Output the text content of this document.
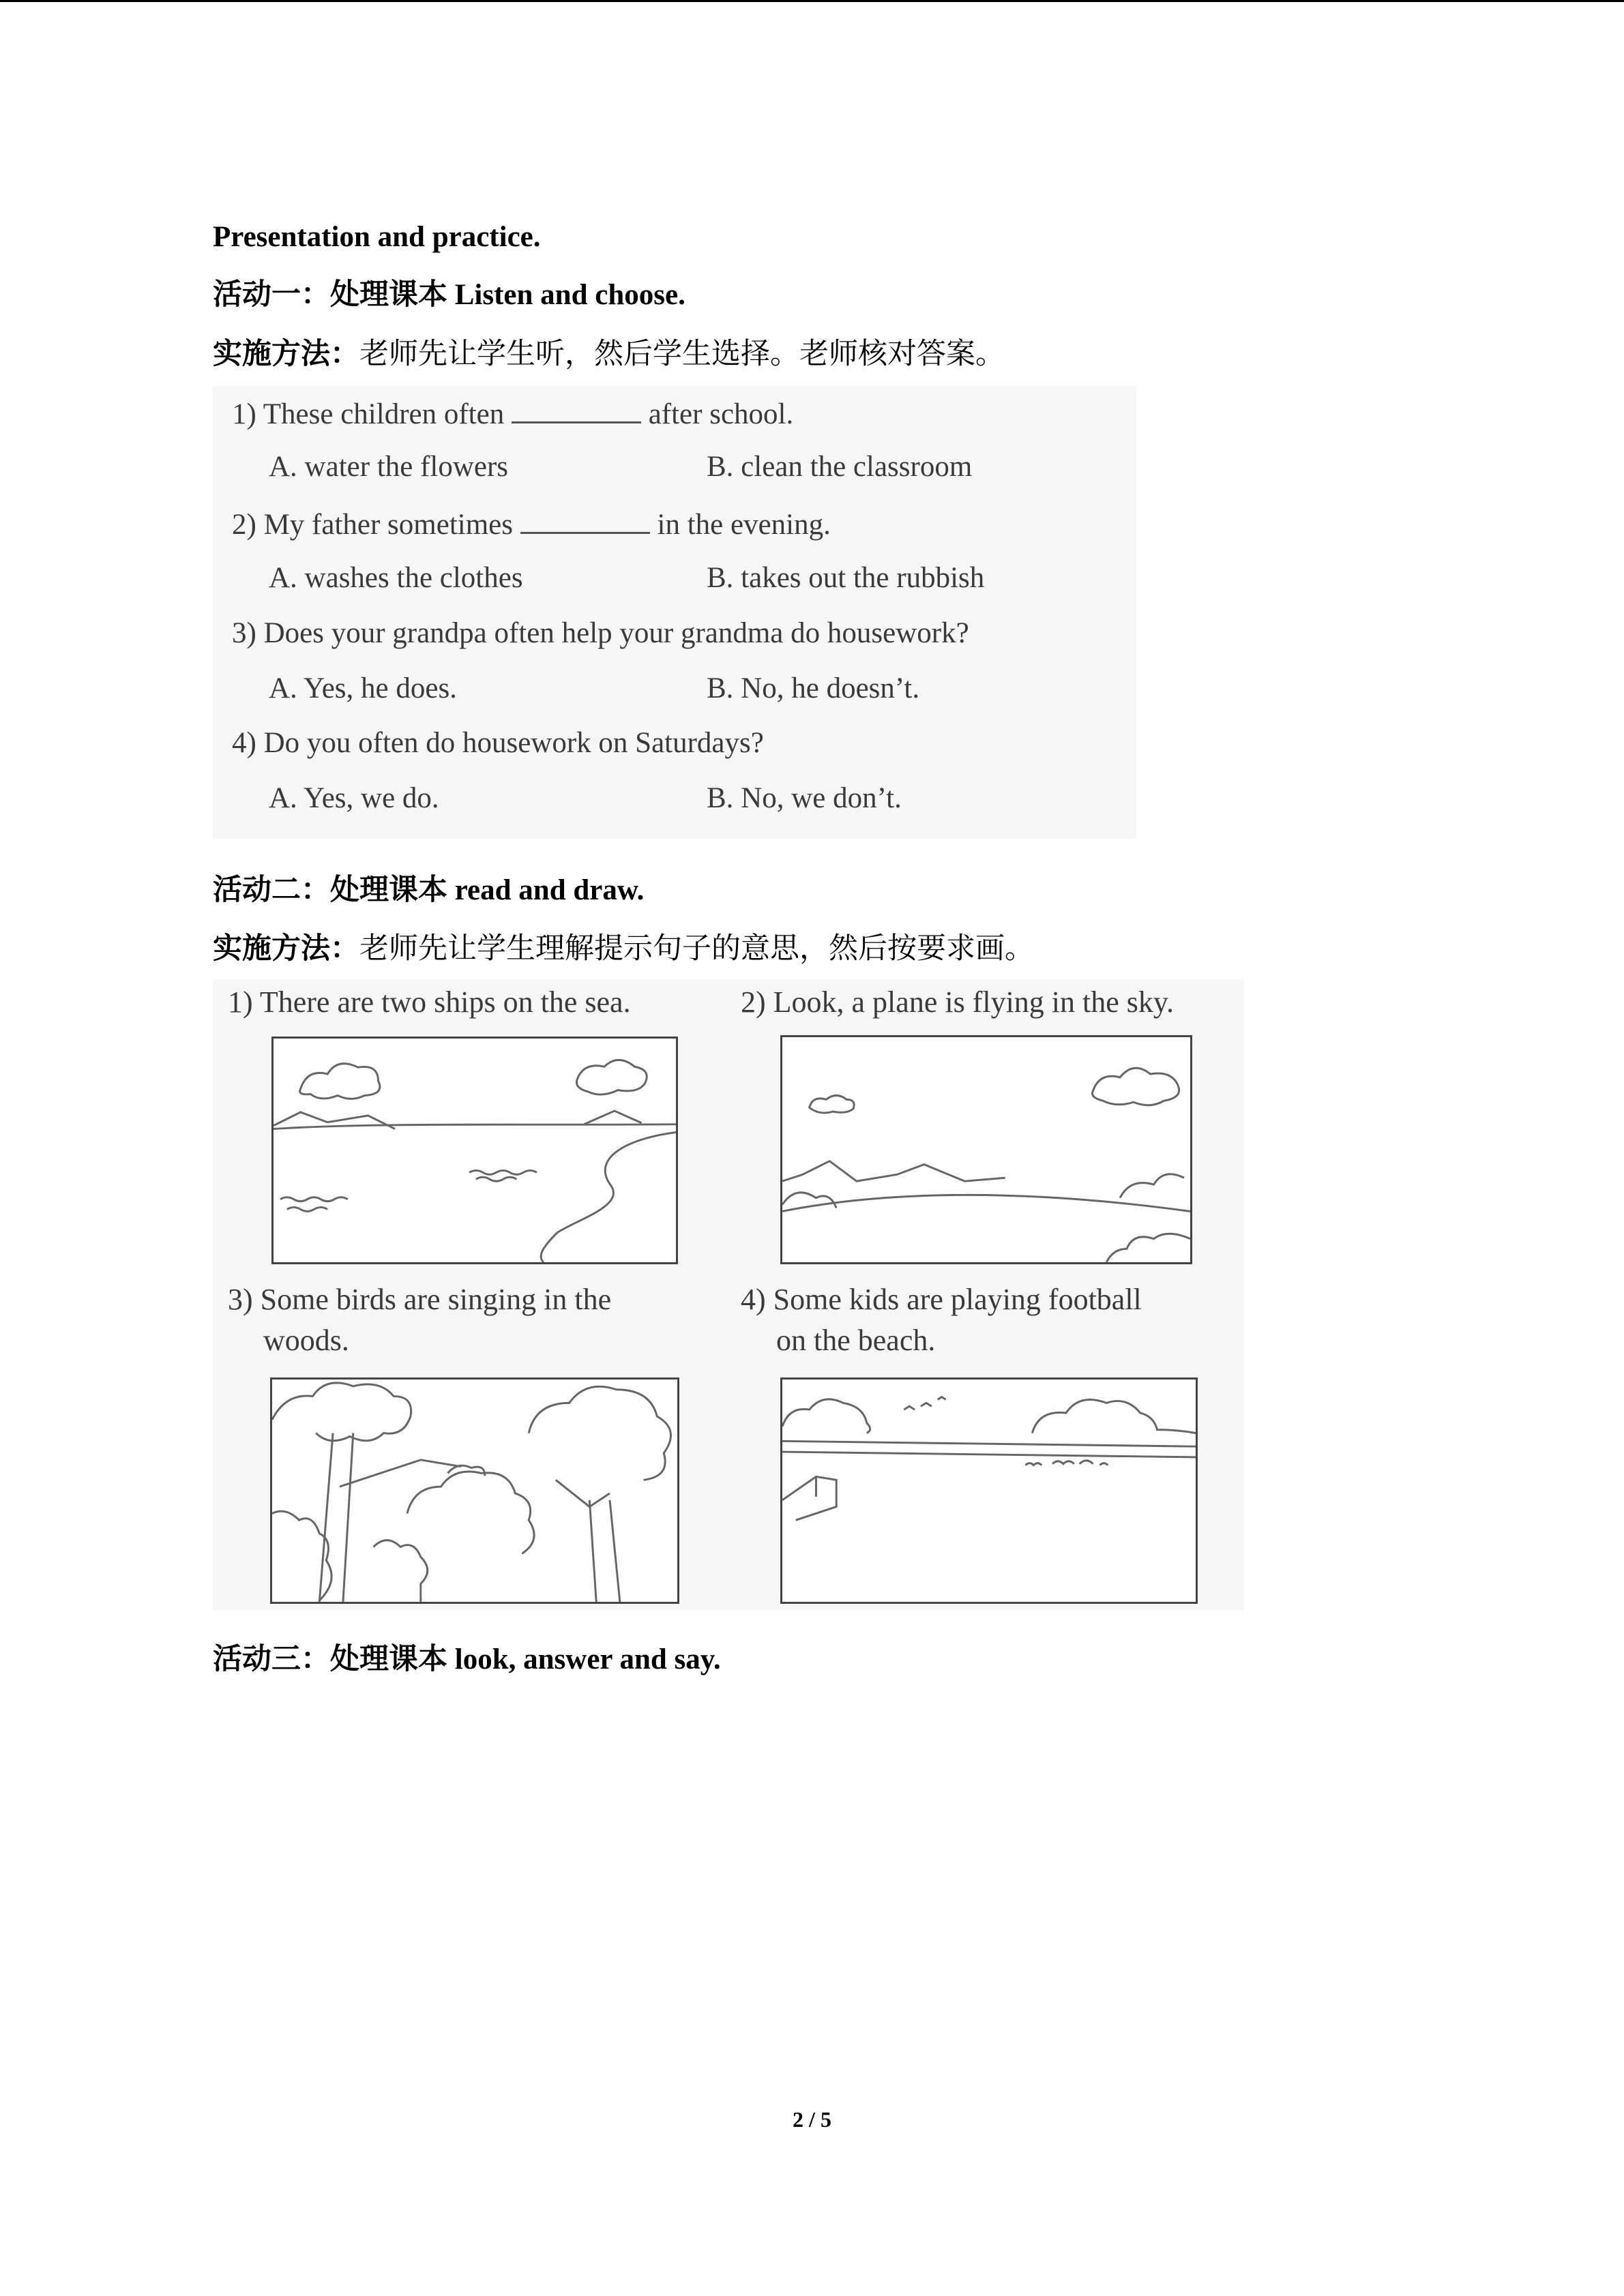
Presentation and practice.
活动一：处理课本 Listen and choose.
实施方法：老师先让学生听，然后学生选择。老师核对答案。
1) These children often	after school.
A. water the flowers	B. clean the classroom
2) My father sometimes	in the evening.
A. washes the clothes	B. takes out the rubbish
3) Does your grandpa often help your grandma do housework?
A. Yes, he does.	B. No, he doesn’t.
4) Do you often do housework on Saturdays?
A. Yes, we do.	B. No, we don’t.
活动二：处理课本 read and draw.
实施方法：老师先让学生理解提示句子的意思，然后按要求画。
1) There are two ships on the sea.	2) Look, a plane is flying in the sky.
3) Some birds are singing in the
woods.
4) Some kids are playing football
on the beach.
活动三：处理课本 look, answer and say.
2 / 5
